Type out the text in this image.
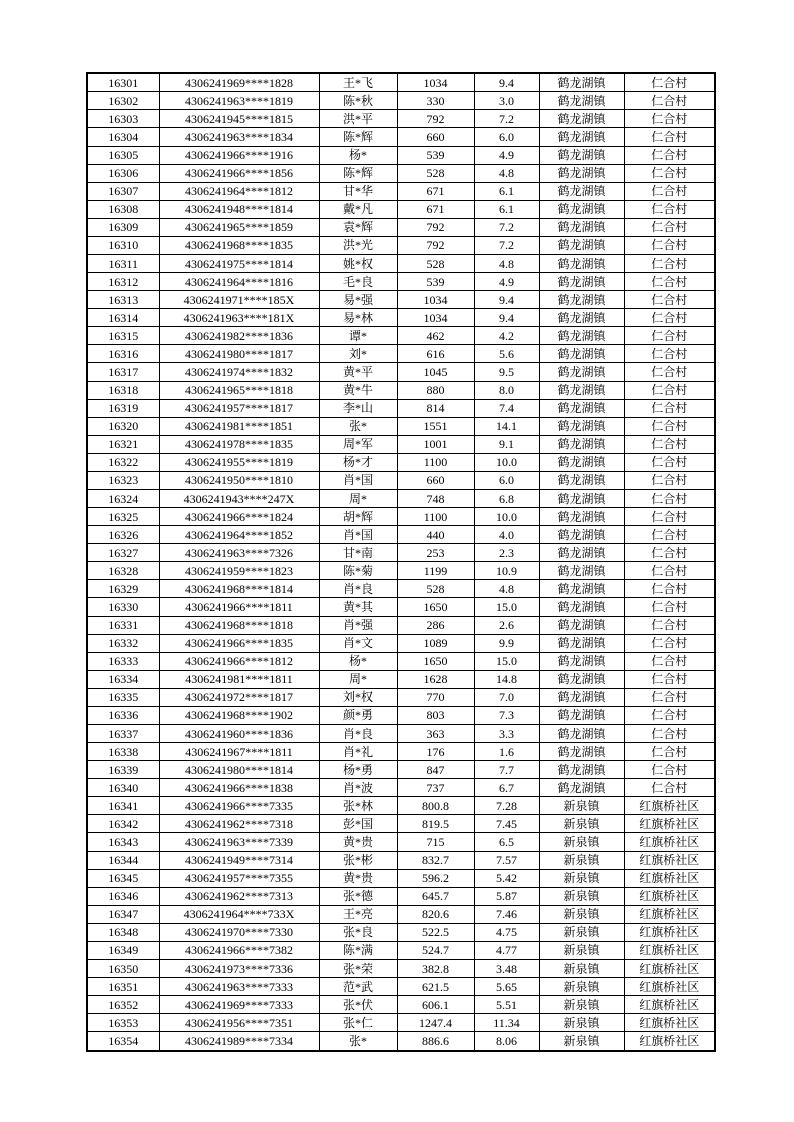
16301	4306241969****1828	王*飞	1034	9.4	鹤龙湖镇	仁合村
16302	4306241963****1819	陈*秋	330	3.0	鹤龙湖镇	仁合村
16303	4306241945****1815	洪*平	792	7.2	鹤龙湖镇	仁合村
16304	4306241963****1834	陈*辉	660	6.0	鹤龙湖镇	仁合村
16305	4306241966****1916	杨*	539	4.9	鹤龙湖镇	仁合村
16306	4306241966****1856	陈*辉	528	4.8	鹤龙湖镇	仁合村
16307	4306241964****1812	甘*华	671	6.1	鹤龙湖镇	仁合村
16308	4306241948****1814	戴*凡	671	6.1	鹤龙湖镇	仁合村
16309	4306241965****1859	袁*辉	792	7.2	鹤龙湖镇	仁合村
16310	4306241968****1835	洪*光	792	7.2	鹤龙湖镇	仁合村
16311	4306241975****1814	姚*权	528	4.8	鹤龙湖镇	仁合村
16312	4306241964****1816	毛*良	539	4.9	鹤龙湖镇	仁合村
16313	4306241971****185X	易*强	1034	9.4	鹤龙湖镇	仁合村
16314	4306241963****181X	易*林	1034	9.4	鹤龙湖镇	仁合村
16315	4306241982****1836	谭*	462	4.2	鹤龙湖镇	仁合村
16316	4306241980****1817	刘*	616	5.6	鹤龙湖镇	仁合村
16317	4306241974****1832	黄*平	1045	9.5	鹤龙湖镇	仁合村
16318	4306241965****1818	黄*牛	880	8.0	鹤龙湖镇	仁合村
16319	4306241957****1817	李*山	814	7.4	鹤龙湖镇	仁合村
16320	4306241981****1851	张*	1551	14.1	鹤龙湖镇	仁合村
16321	4306241978****1835	周*军	1001	9.1	鹤龙湖镇	仁合村
16322	4306241955****1819	杨*才	1100	10.0	鹤龙湖镇	仁合村
16323	4306241950****1810	肖*国	660	6.0	鹤龙湖镇	仁合村
16324	4306241943****247X	周*	748	6.8	鹤龙湖镇	仁合村
16325	4306241966****1824	胡*辉	1100	10.0	鹤龙湖镇	仁合村
16326	4306241964****1852	肖*国	440	4.0	鹤龙湖镇	仁合村
16327	4306241963****7326	甘*南	253	2.3	鹤龙湖镇	仁合村
16328	4306241959****1823	陈*菊	1199	10.9	鹤龙湖镇	仁合村
16329	4306241968****1814	肖*良	528	4.8	鹤龙湖镇	仁合村
16330	4306241966****1811	黄*其	1650	15.0	鹤龙湖镇	仁合村
16331	4306241968****1818	肖*强	286	2.6	鹤龙湖镇	仁合村
16332	4306241966****1835	肖*文	1089	9.9	鹤龙湖镇	仁合村
16333	4306241966****1812	杨*	1650	15.0	鹤龙湖镇	仁合村
16334	4306241981****1811	周*	1628	14.8	鹤龙湖镇	仁合村
16335	4306241972****1817	刘*权	770	7.0	鹤龙湖镇	仁合村
16336	4306241968****1902	颜*勇	803	7.3	鹤龙湖镇	仁合村
16337	4306241960****1836	肖*良	363	3.3	鹤龙湖镇	仁合村
16338	4306241967****1811	肖*礼	176	1.6	鹤龙湖镇	仁合村
16339	4306241980****1814	杨*勇	847	7.7	鹤龙湖镇	仁合村
16340	4306241966****1838	肖*波	737	6.7	鹤龙湖镇	仁合村
16341	4306241966****7335	张*林	800.8	7.28	新泉镇	红旗桥社区
16342	4306241962****7318	彭*国	819.5	7.45	新泉镇	红旗桥社区
16343	4306241963****7339	黄*贵	715	6.5	新泉镇	红旗桥社区
16344	4306241949****7314	张*彬	832.7	7.57	新泉镇	红旗桥社区
16345	4306241957****7355	黄*贵	596.2	5.42	新泉镇	红旗桥社区
16346	4306241962****7313	张*德	645.7	5.87	新泉镇	红旗桥社区
16347	4306241964****733X	王*亮	820.6	7.46	新泉镇	红旗桥社区
16348	4306241970****7330	张*良	522.5	4.75	新泉镇	红旗桥社区
16349	4306241966****7382	陈*满	524.7	4.77	新泉镇	红旗桥社区
16350	4306241973****7336	张*荣	382.8	3.48	新泉镇	红旗桥社区
16351	4306241963****7333	范*武	621.5	5.65	新泉镇	红旗桥社区
16352	4306241969****7333	张*伏	606.1	5.51	新泉镇	红旗桥社区
16353	4306241956****7351	张*仁	1247.4	11.34	新泉镇	红旗桥社区
16354	4306241989****7334	张*	886.6	8.06	新泉镇	红旗桥社区
